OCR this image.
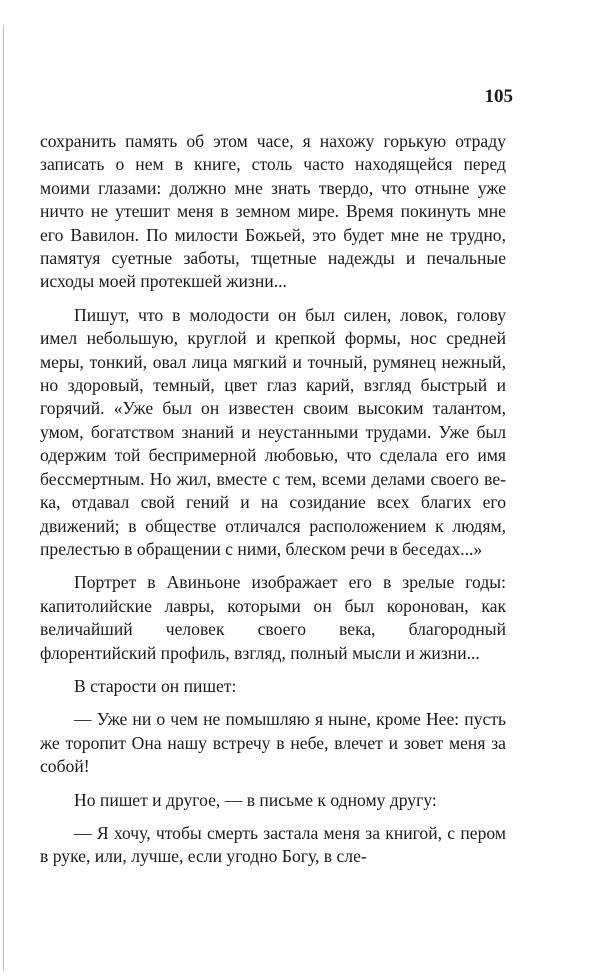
105

сохранить память об этом часе, я нахожу горькую отраду записать о нем в книге, столь часто находящейся перед моими глазами: должно мне знать твердо, что отныне уже ничто не утешит меня в земном мире. Время покинуть мне его Вавилон. По милости Божьей, это будет мне не трудно, памятуя суетные заботы, тщетные надежды и печальные исходы моей протекшей жизни...

Пишут, что в молодости он был силен, ловок, голову имел небольшую, круглой и крепкой формы, нос средней меры, тонкий, овал лица мягкий и точный, румянец нежный, но здоровый, темный, цвет глаз карий, взгляд быстрый и горячий. «Уже был он известен своим высоким талантом, умом, богатством знаний и неустанными трудами. Уже был одержим той беспримерной любовью, что сделала его имя бессмертным. Но жил, вместе с тем, всеми делами своего века, отдавал свой гений и на созидание всех благих его движений; в обществе отличался расположением к людям, прелестью в обращении с ними, блеском речи в беседах...»

Портрет в Авиньоне изображает его в зрелые годы: капитолийские лавры, которыми он был коронован, как величайший человек своего века, благородный флорентийский профиль, взгляд, полный мысли и жизни...

В старости он пишет:

— Уже ни о чем не помышляю я ныне, кроме Нее: пусть же торопит Она нашу встречу в небе, влечет и зовет меня за собой!

Но пишет и другое, — в письме к одному другу:

— Я хочу, чтобы смерть застала меня за книгой, с пером в руке, или, лучше, если угодно Богу, в сле-
